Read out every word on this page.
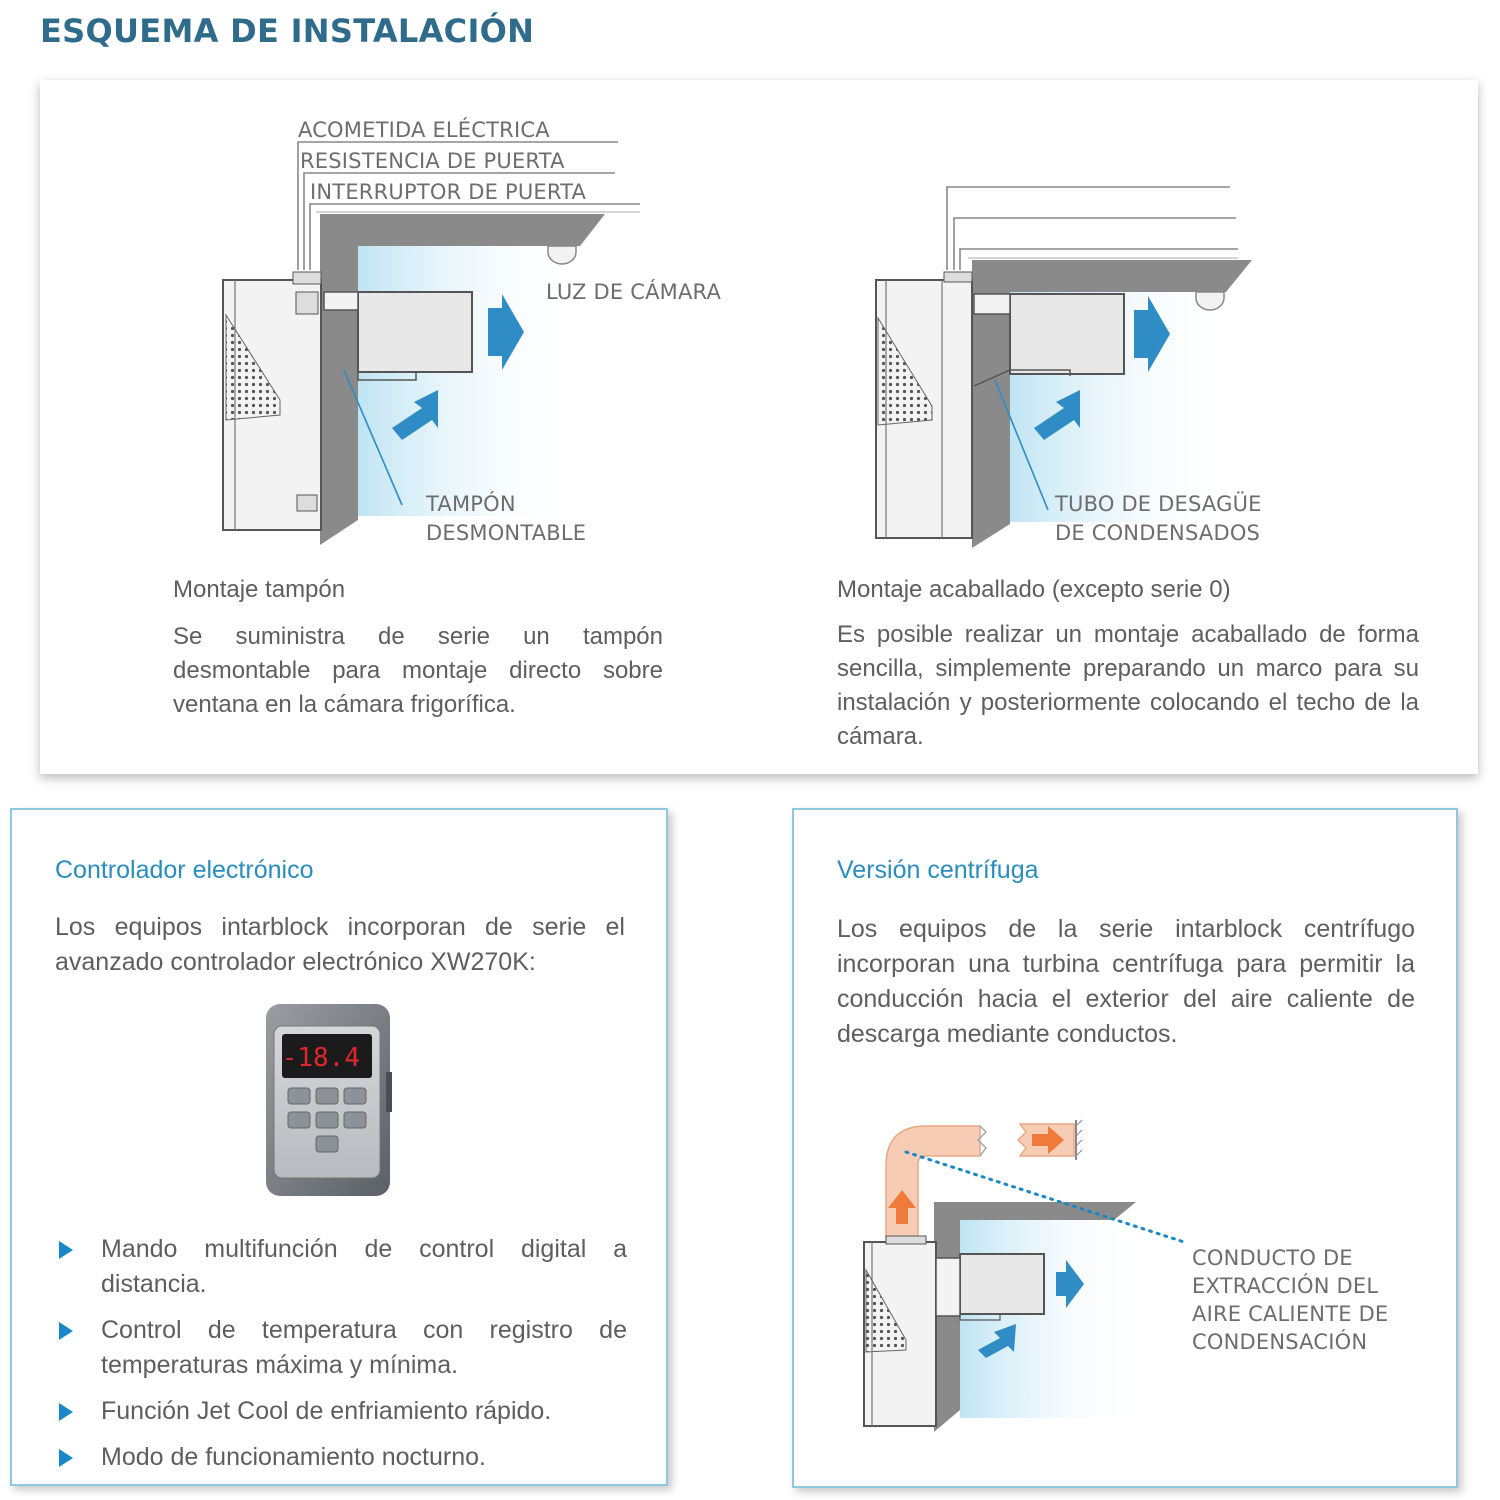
ESQUEMA DE INSTALACIÓN
ACOMETIDA ELÉCTRICA
RESISTENCIA DE PUERTA
INTERRUPTOR DE PUERTA
LUZ DE CÁMARA
TAMPÓN
DESMONTABLE
TUBO DE DESAGÜE
DE CONDENSADOS
Montaje tampón
Se suministra de serie un tampón desmontable para montaje directo sobre ventana en la cámara frigorífica.
Montaje acaballado (excepto serie 0)
Es posible realizar un montaje acaballado de forma sencilla, simplemente preparando un marco para su instalación y posteriormente colocando el techo de la cámara.
Controlador electrónico
Los equipos intarblock incorporan de serie el avanzado controlador electrónico XW270K:
-18.4
Mando multifunción de control digital a distancia.
Control de temperatura con registro de temperaturas máxima y mínima.
Función Jet Cool de enfriamiento rápido.
Modo de funcionamiento nocturno.
Versión centrífuga
Los equipos de la serie intarblock centrífugo incorporan una turbina centrífuga para permitir la conducción hacia el exterior del aire caliente de descarga mediante conductos.
CONDUCTO DE
EXTRACCIÓN DEL
AIRE CALIENTE DE
CONDENSACIÓN
